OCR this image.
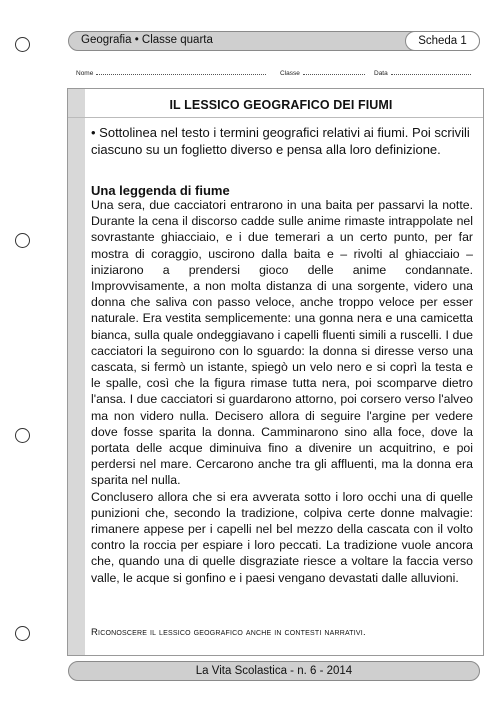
Geografia • Classe quarta	Scheda 1
Nome	Classe	Data
IL LESSICO GEOGRAFICO DEI FIUMI
• Sottolinea nel testo i termini geografici relativi ai fiumi. Poi scrivili ciascuno su un foglietto diverso e pensa alla loro definizione.
Una leggenda di fiume

Una sera, due cacciatori entrarono in una baita per passarvi la notte. Durante la cena il discorso cadde sulle anime rimaste intrappolate nel sovrastante ghiacciaio, e i due temerari a un certo punto, per far mostra di coraggio, uscirono dalla baita e – rivolti al ghiacciaio – iniziarono a prendersi gioco delle anime condannate. Improvvisamente, a non molta distanza di una sorgente, videro una donna che saliva con passo veloce, anche troppo veloce per esser naturale. Era vestita semplicemente: una gonna nera e una camicetta bianca, sulla quale ondeggiavano i capelli fluenti simili a ruscelli. I due cacciatori la seguirono con lo sguardo: la donna si diresse verso una cascata, si fermò un istante, spiegò un velo nero e si coprì la testa e le spalle, così che la figura rimase tutta nera, poi scomparve dietro l'ansa. I due cacciatori si guardarono attorno, poi corsero verso l'alveo ma non videro nulla. Decisero allora di seguire l'argine per vedere dove fosse sparita la donna. Camminarono sino alla foce, dove la portata delle acque diminuiva fino a divenire un acquitrino, e poi perdersi nel mare. Cercarono anche tra gli affluenti, ma la donna era sparita nel nulla.

Conclusero allora che si era avverata sotto i loro occhi una di quelle punizioni che, secondo la tradizione, colpiva certe donne malvagie: rimanere appese per i capelli nel bel mezzo della cascata con il volto contro la roccia per espiare i loro peccati. La tradizione vuole ancora che, quando una di quelle disgraziate riesce a voltare la faccia verso valle, le acque si gonfino e i paesi vengano devastati dalle alluvioni.

Riconoscere il lessico geografico anche in contesti narrativi.
La Vita Scolastica - n. 6 - 2014
